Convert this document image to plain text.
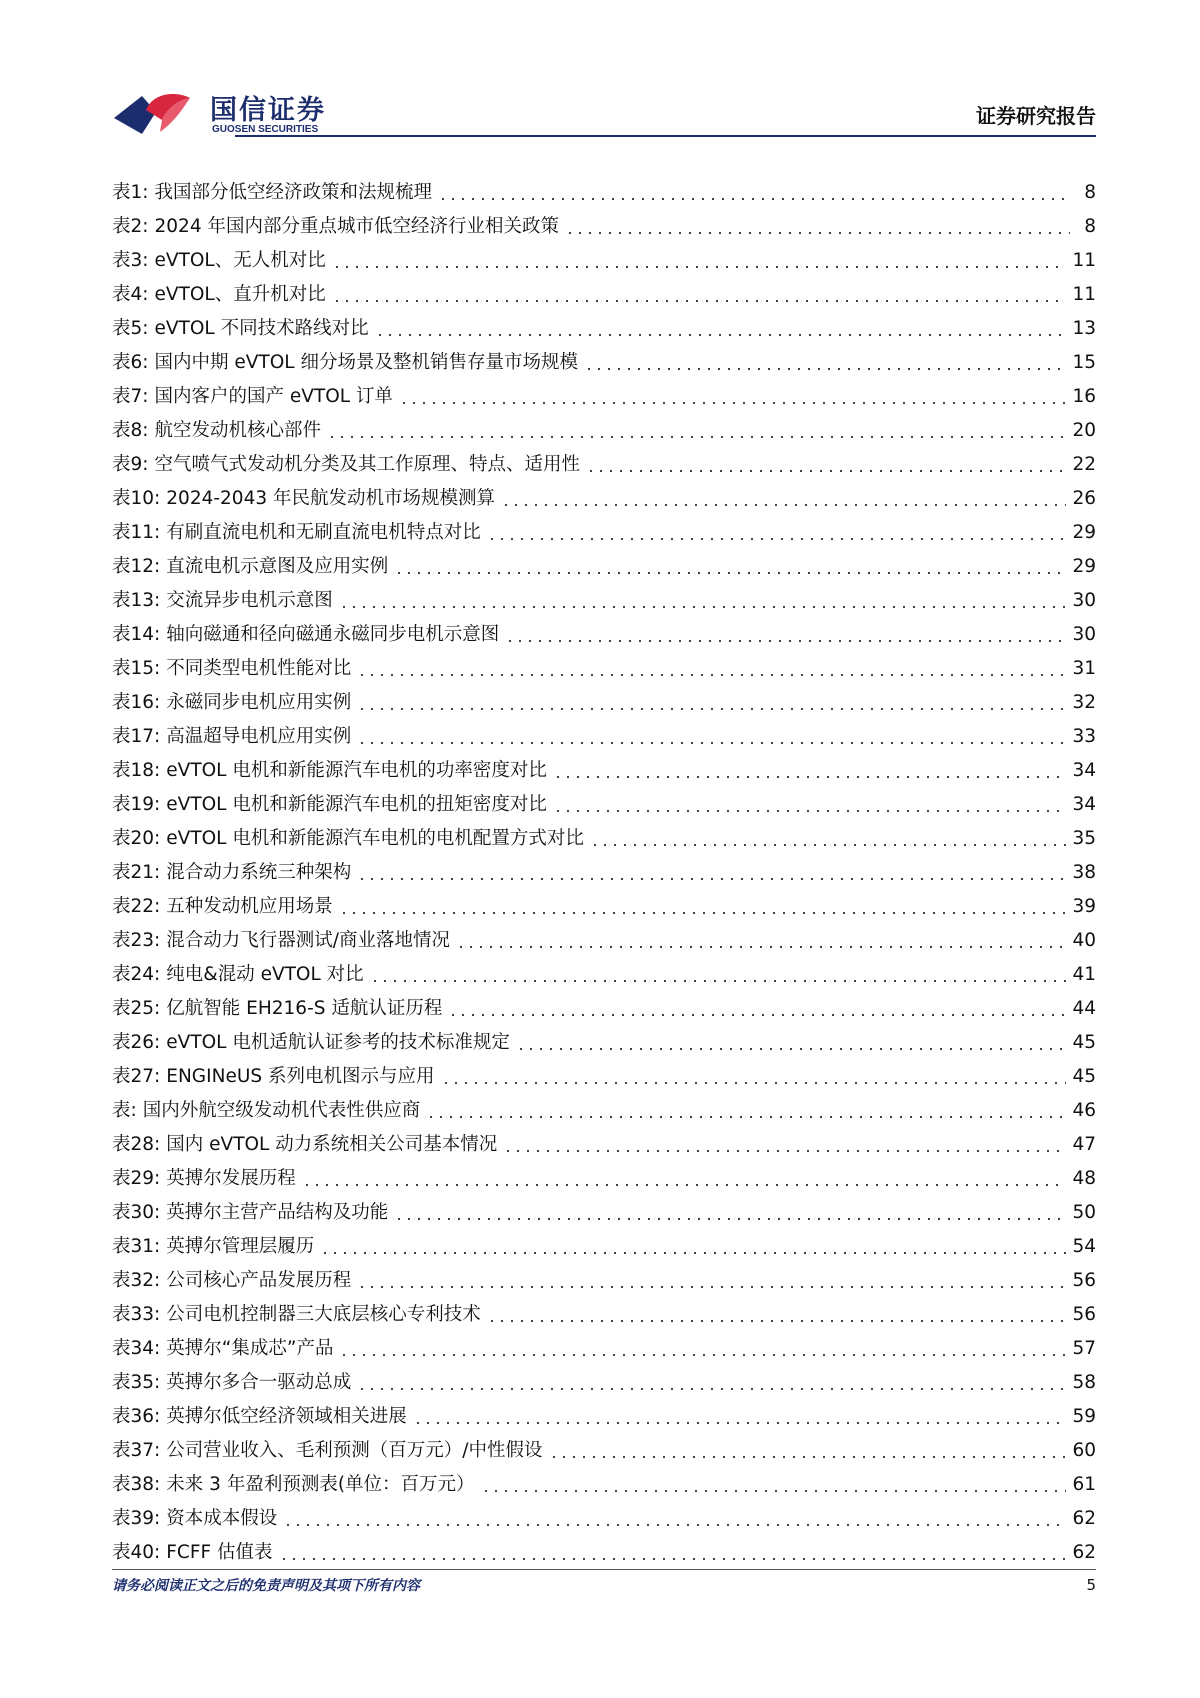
国信证券
GUOSEN SECURITIES
证券研究报告
表1: 我国部分低空经济政策和法规梳理	8
表2: 2024 年国内部分重点城市低空经济行业相关政策	8
表3: eVTOL、无人机对比	11
表4: eVTOL、直升机对比	11
表5: eVTOL 不同技术路线对比	13
表6: 国内中期 eVTOL 细分场景及整机销售存量市场规模	15
表7: 国内客户的国产 eVTOL 订单	16
表8: 航空发动机核心部件	20
表9: 空气喷气式发动机分类及其工作原理、特点、适用性	22
表10: 2024-2043 年民航发动机市场规模测算	26
表11: 有刷直流电机和无刷直流电机特点对比	29
表12: 直流电机示意图及应用实例	29
表13: 交流异步电机示意图	30
表14: 轴向磁通和径向磁通永磁同步电机示意图	30
表15: 不同类型电机性能对比	31
表16: 永磁同步电机应用实例	32
表17: 高温超导电机应用实例	33
表18: eVTOL 电机和新能源汽车电机的功率密度对比	34
表19: eVTOL 电机和新能源汽车电机的扭矩密度对比	34
表20: eVTOL 电机和新能源汽车电机的电机配置方式对比	35
表21: 混合动力系统三种架构	38
表22: 五种发动机应用场景	39
表23: 混合动力飞行器测试/商业落地情况	40
表24: 纯电&混动 eVTOL 对比	41
表25: 亿航智能 EH216-S 适航认证历程	44
表26: eVTOL 电机适航认证参考的技术标准规定	45
表27: ENGINeUS 系列电机图示与应用	45
表: 国内外航空级发动机代表性供应商	46
表28: 国内 eVTOL 动力系统相关公司基本情况	47
表29: 英搏尔发展历程	48
表30: 英搏尔主营产品结构及功能	50
表31: 英搏尔管理层履历	54
表32: 公司核心产品发展历程	56
表33: 公司电机控制器三大底层核心专利技术	56
表34: 英搏尔“集成芯”产品	57
表35: 英搏尔多合一驱动总成	58
表36: 英搏尔低空经济领域相关进展	59
表37: 公司营业收入、毛利预测（百万元）/中性假设	60
表38: 未来 3 年盈利预测表(单位：百万元）	61
表39: 资本成本假设	62
表40: FCFF 估值表	62
请务必阅读正文之后的免责声明及其项下所有内容	5
